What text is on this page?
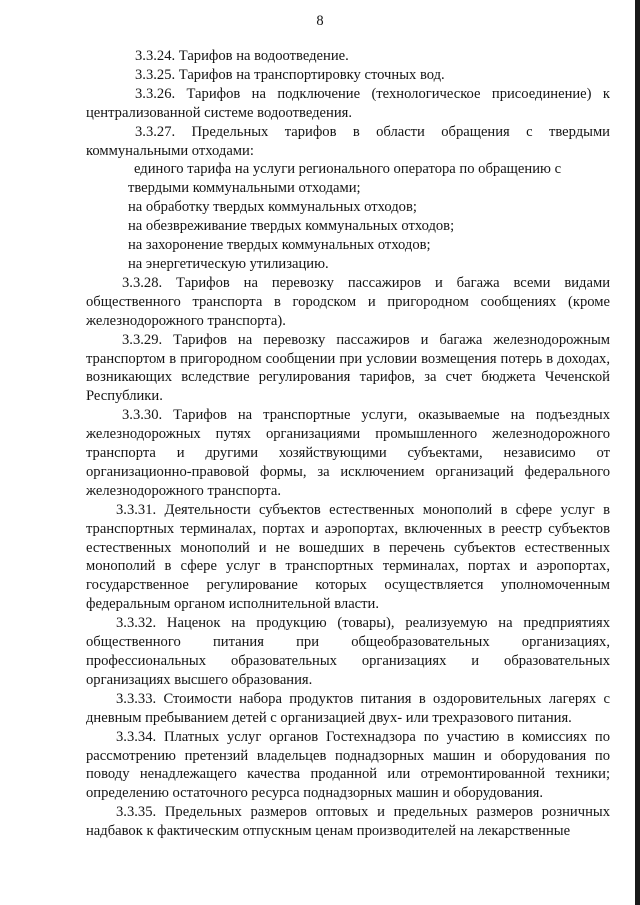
8

3.3.24. Тарифов на водоотведение.

3.3.25. Тарифов на транспортировку сточных вод.

3.3.26. Тарифов на подключение (технологическое присоединение) к централизованной системе водоотведения.

3.3.27. Предельных тарифов в области обращения с твердыми коммунальными отходами:

единого тарифа на услуги регионального оператора по обращению с твердыми коммунальными отходами;

на обработку твердых коммунальных отходов;

на обезвреживание твердых коммунальных отходов;

на захоронение твердых коммунальных отходов;

на энергетическую утилизацию.

3.3.28. Тарифов на перевозку пассажиров и багажа всеми видами общественного транспорта в городском и пригородном сообщениях (кроме железнодорожного транспорта).

3.3.29. Тарифов на перевозку пассажиров и багажа железнодорожным транспортом в пригородном сообщении при условии возмещения потерь в доходах, возникающих вследствие регулирования тарифов, за счет бюджета Чеченской Республики.

3.3.30. Тарифов на транспортные услуги, оказываемые на подъездных железнодорожных путях организациями промышленного железнодорожного транспорта и другими хозяйствующими субъектами, независимо от организационно-правовой формы, за исключением организаций федерального железнодорожного транспорта.

3.3.31. Деятельности субъектов естественных монополий в сфере услуг в транспортных терминалах, портах и аэропортах, включенных в реестр субъектов естественных монополий и не вошедших в перечень субъектов естественных монополий в сфере услуг в транспортных терминалах, портах и аэропортах, государственное регулирование которых осуществляется уполномоченным федеральным органом исполнительной власти.

3.3.32. Наценок на продукцию (товары), реализуемую на предприятиях общественного питания при общеобразовательных организациях, профессиональных образовательных организациях и образовательных организациях высшего образования.

3.3.33. Стоимости набора продуктов питания в оздоровительных лагерях с дневным пребыванием детей с организацией двух- или трехразового питания.

3.3.34. Платных услуг органов Гостехнадзора по участию в комиссиях по рассмотрению претензий владельцев поднадзорных машин и оборудования по поводу ненадлежащего качества проданной или отремонтированной техники; определению остаточного ресурса поднадзорных машин и оборудования.

3.3.35. Предельных размеров оптовых и предельных размеров розничных надбавок к фактическим отпускным ценам производителей на лекарственные
